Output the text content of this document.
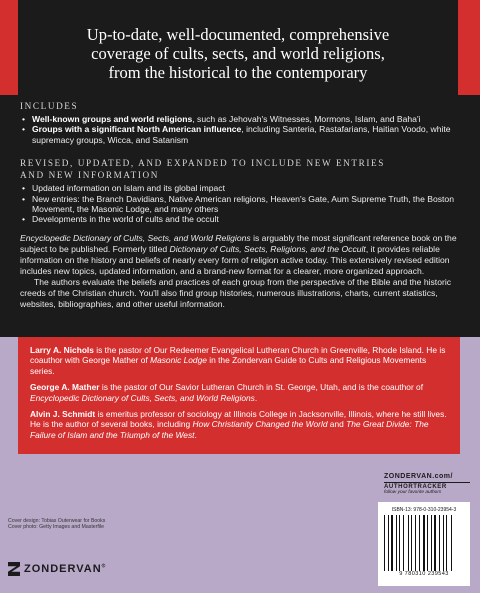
Up-to-date, well-documented, comprehensive
coverage of cults, sects, and world religions,
from the historical to the contemporary
INCLUDES
• Well-known groups and world religions, such as Jehovah's Witnesses, Mormons, Islam, and Baha'i
• Groups with a significant North American influence, including Santeria, Rastafarians, Haitian Voodo, white supremacy groups, Wicca, and Satanism
REVISED, UPDATED, AND EXPANDED TO INCLUDE NEW ENTRIES
AND NEW INFORMATION
• Updated information on Islam and its global impact
• New entries: the Branch Davidians, Native American religions, Heaven's Gate, Aum Supreme Truth, the Boston Movement, the Masonic Lodge, and many others
• Developments in the world of cults and the occult

Encyclopedic Dictionary of Cults, Sects, and World Religions is arguably the most significant reference book on the subject to be published. Formerly titled Dictionary of Cults, Sects, Religions, and the Occult, it provides reliable information on the history and beliefs of nearly every form of religion active today. This extensively revised edition includes new topics, updated information, and a brand-new format for a clearer, more organized approach.

The authors evaluate the beliefs and practices of each group from the perspective of the Bible and the historic creeds of the Christian church. You'll also find group histories, numerous illustrations, charts, current statistics, websites, bibliographies, and other useful information.

Larry A. Nichols is the pastor of Our Redeemer Evangelical Lutheran Church in Greenville, Rhode Island. He is coauthor with George Mather of Masonic Lodge in the Zondervan Guide to Cults and Religious Movements series.

George A. Mather is the pastor of Our Savior Lutheran Church in St. George, Utah, and is the coauthor of Encyclopedic Dictionary of Cults, Sects, and World Religions.

Alvin J. Schmidt is emeritus professor of sociology at Illinois College in Jacksonville, Illinois, where he still lives. He is the author of several books, including How Christianity Changed the World and The Great Divide: The Failure of Islam and the Triumph of the West.

Cover design: Tobias Outerwear for Books
Cover photo: Getty Images and Masterfile
ZONDERVAN®
ZONDERVAN.com/
AUTHORTRACKER
follow your favorite authors
ISBN-13: 978-0-310-23954-3
9 780310 239543
